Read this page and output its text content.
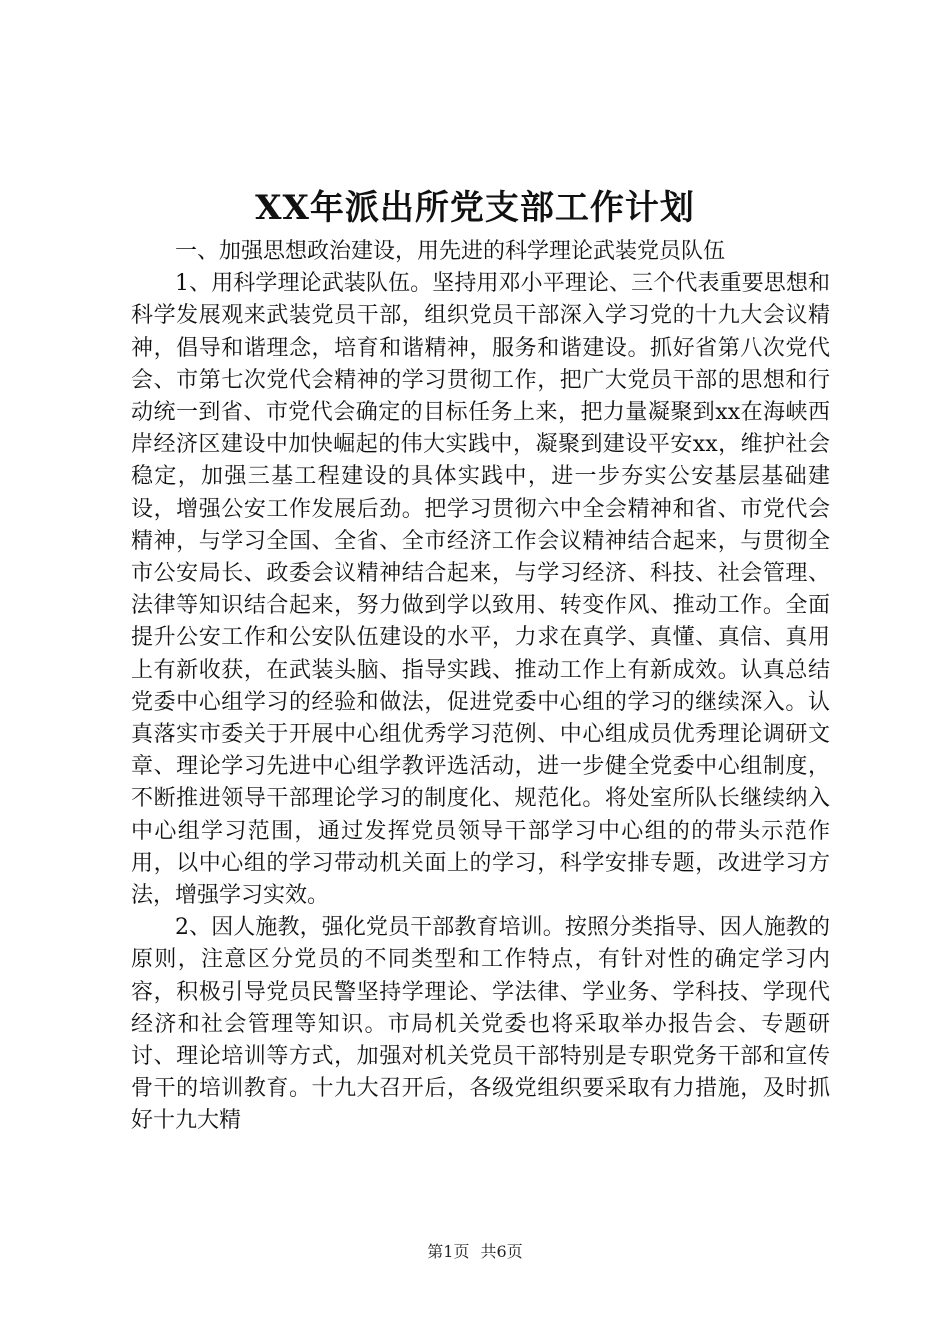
XX年派出所党支部工作计划

一、加强思想政治建设，用先进的科学理论武装党员队伍

1、用科学理论武装队伍。坚持用邓小平理论、三个代表重要思想和科学发展观来武装党员干部，组织党员干部深入学习党的十九大会议精神，倡导和谐理念，培育和谐精神，服务和谐建设。抓好省第八次党代会、市第七次党代会精神的学习贯彻工作，把广大党员干部的思想和行动统一到省、市党代会确定的目标任务上来，把力量凝聚到xx在海峡西岸经济区建设中加快崛起的伟大实践中，凝聚到建设平安xx，维护社会稳定，加强三基工程建设的具体实践中，进一步夯实公安基层基础建设，增强公安工作发展后劲。把学习贯彻六中全会精神和省、市党代会精神，与学习全国、全省、全市经济工作会议精神结合起来，与贯彻全市公安局长、政委会议精神结合起来，与学习经济、科技、社会管理、法律等知识结合起来，努力做到学以致用、转变作风、推动工作。全面提升公安工作和公安队伍建设的水平，力求在真学、真懂、真信、真用上有新收获，在武装头脑、指导实践、推动工作上有新成效。认真总结党委中心组学习的经验和做法，促进党委中心组的学习的继续深入。认真落实市委关于开展中心组优秀学习范例、中心组成员优秀理论调研文章、理论学习先进中心组学教评选活动，进一步健全党委中心组制度，不断推进领导干部理论学习的制度化、规范化。将处室所队长继续纳入中心组学习范围，通过发挥党员领导干部学习中心组的的带头示范作用，以中心组的学习带动机关面上的学习，科学安排专题，改进学习方法，增强学习实效。

2、因人施教，强化党员干部教育培训。按照分类指导、因人施教的原则，注意区分党员的不同类型和工作特点，有针对性的确定学习内容，积极引导党员民警坚持学理论、学法律、学业务、学科技、学现代经济和社会管理等知识。市局机关党委也将采取举办报告会、专题研讨、理论培训等方式，加强对机关党员干部特别是专职党务干部和宣传骨干的培训教育。十九大召开后，各级党组织要采取有力措施，及时抓好十九大精

第1页 共6页
